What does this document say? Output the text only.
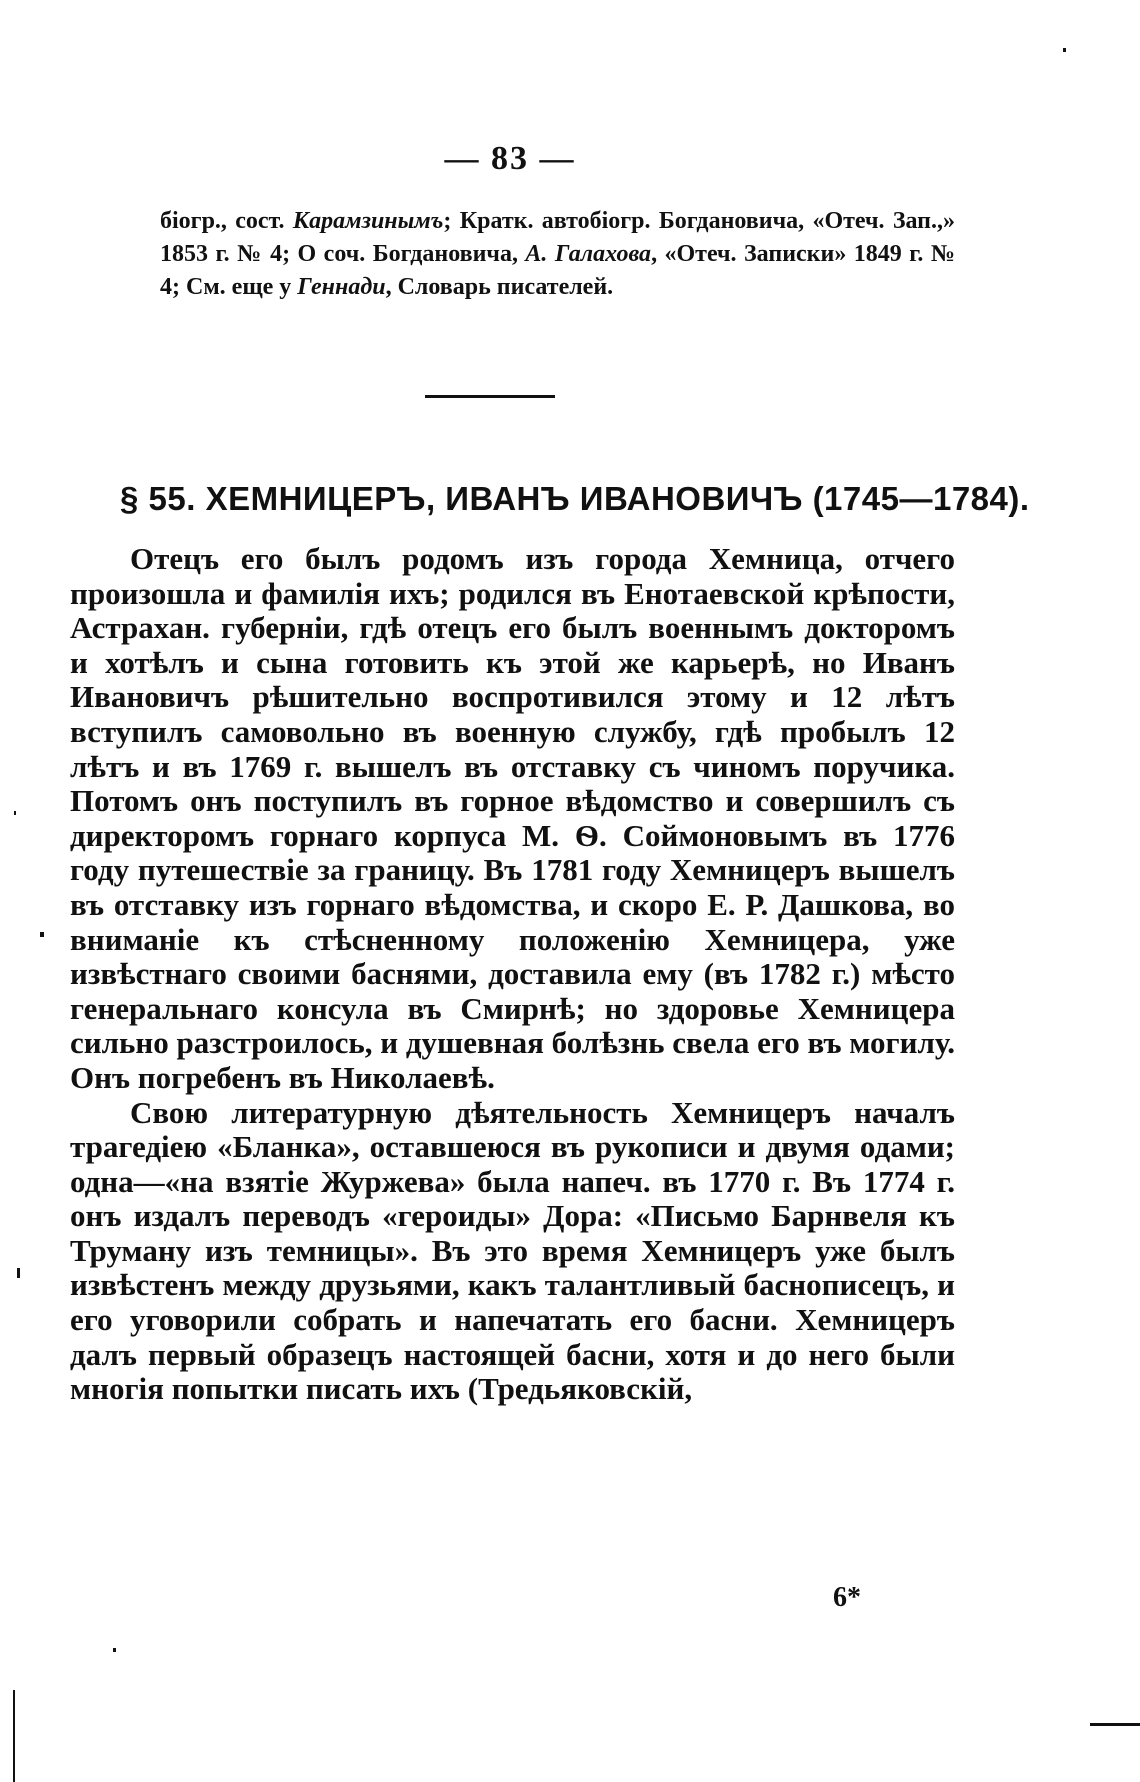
— 83 —

біогр., сост. Карамзинымъ; Кратк. автобіогр. Богдановича, «Отеч. Зап.,» 1853 г. № 4; О соч. Богдановича, А. Галахова, «Отеч. Записки» 1849 г. № 4; См. еще у Геннади, Словарь писателей.

§ 55. ХЕМНИЦЕРЪ, ИВАНЪ ИВАНОВИЧЪ (1745—1784).

Отецъ его былъ родомъ изъ города Хемница, отчего произошла и фамилія ихъ; родился въ Енотаевской крѣпости, Астрахан. губерніи, гдѣ отецъ его былъ военнымъ докторомъ и хотѣлъ и сына готовить къ этой же карьерѣ, но Иванъ Ивановичъ рѣшительно воспротивился этому и 12 лѣтъ вступилъ самовольно въ военную службу, гдѣ пробылъ 12 лѣтъ и въ 1769 г. вышелъ въ отставку съ чиномъ поручика. Потомъ онъ поступилъ въ горное вѣдомство и совершилъ съ директоромъ горнаго корпуса М. Ѳ. Соймоновымъ въ 1776 году путешествіе за границу. Въ 1781 году Хемницеръ вышелъ въ отставку изъ горнаго вѣдомства, и скоро Е. Р. Дашкова, во вниманіе къ стѣсненному положенію Хемницера, уже извѣстнаго своими баснями, доставила ему (въ 1782 г.) мѣсто генеральнаго консула въ Смирнѣ; но здоровье Хемницера сильно разстроилось, и душевная болѣзнь свела его въ могилу. Онъ погребенъ въ Николаевѣ.

Свою литературную дѣятельность Хемницеръ началъ трагедіею «Бланка», оставшеюся въ рукописи и двумя одами; одна—«на взятіе Журжева» была напеч. въ 1770 г. Въ 1774 г. онъ издалъ переводъ «героиды» Дора: «Письмо Барнвеля къ Труману изъ темницы». Въ это время Хемницеръ уже былъ извѣстенъ между друзьями, какъ талантливый баснописецъ, и его уговорили собрать и напечатать его басни. Хемницеръ далъ первый образецъ настоящей басни, хотя и до него были многія попытки писать ихъ (Тредьяковскій,

6*
